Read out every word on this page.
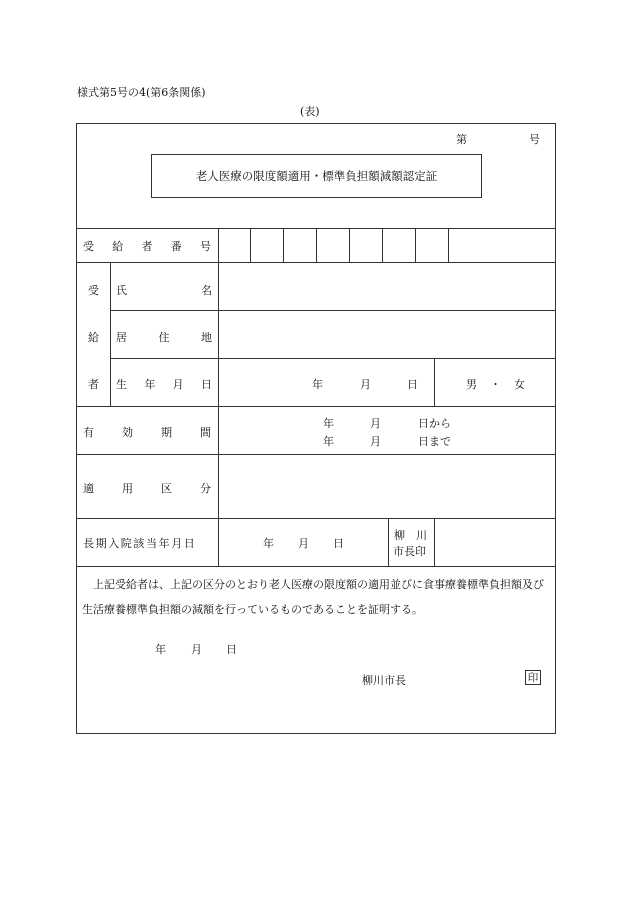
様式第5号の4(第6条関係)
(表)
第	号
老人医療の限度額適用・標準負担額減額認定証
受 給 者 番 号
受
給
者
氏	名
居	住	地
生 年 月 日	年	月	日	男 ・ 女
有	効	期	間
年	月	日から
年	月	日まで
適	用	区	分
長期入院該当年月日	年 月 日
柳　川
市長印
上記受給者は、上記の区分のとおり老人医療の限度額の適用並びに食事療養標準負担額及び生活療養標準負担額の減額を行っているものであることを証明する。
年 月 日
柳川市長	印
